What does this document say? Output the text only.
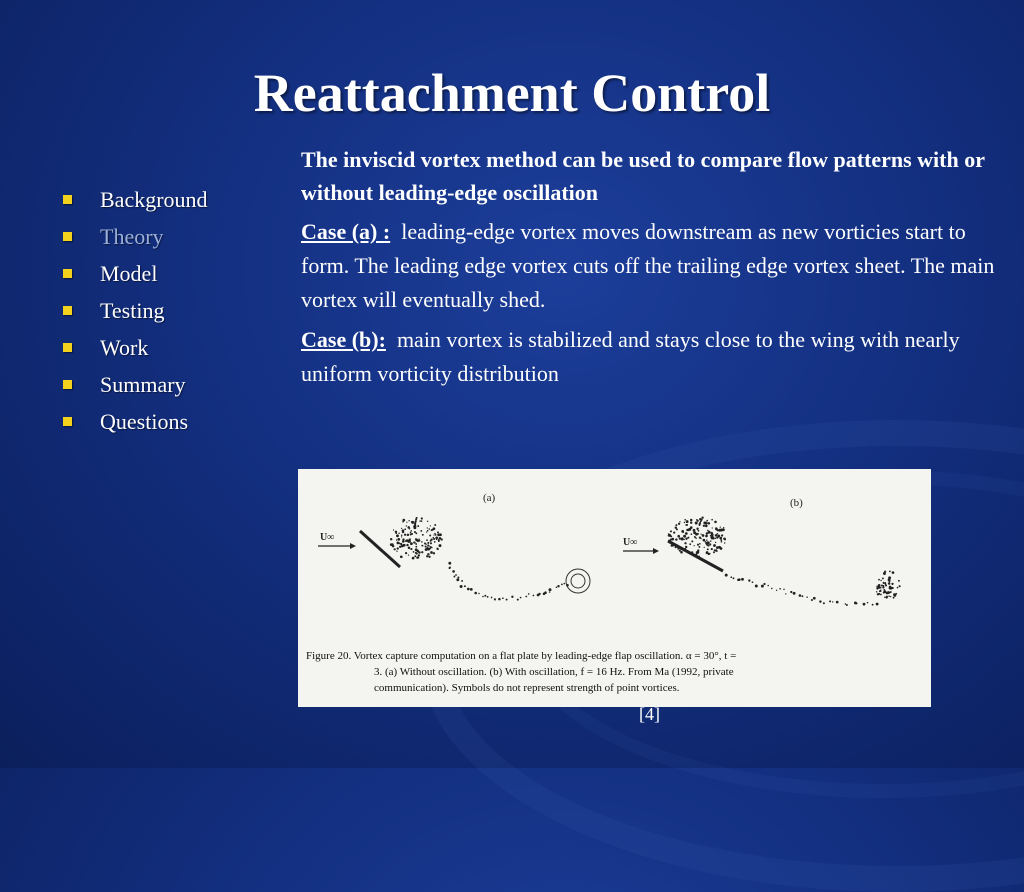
Reattachment Control
Background
Theory
Model
Testing
Work
Summary
Questions

The inviscid vortex method can be used to compare flow patterns with or without leading-edge oscillation

Case (a) : leading-edge vortex moves downstream as new vorticies start to form. The leading edge vortex cuts off the trailing edge vortex sheet. The main vortex will eventually shed.

Case (b): main vortex is stabilized and stays close to the wing with nearly uniform vorticity distribution

(a)	(b)
U∞	U∞
Figure 20. Vortex capture computation on a flat plate by leading-edge flap oscillation. α = 30°, t =
3. (a) Without oscillation. (b) With oscillation, f = 16 Hz. From Ma (1992, private
communication). Symbols do not represent strength of point vortices.
[4]
